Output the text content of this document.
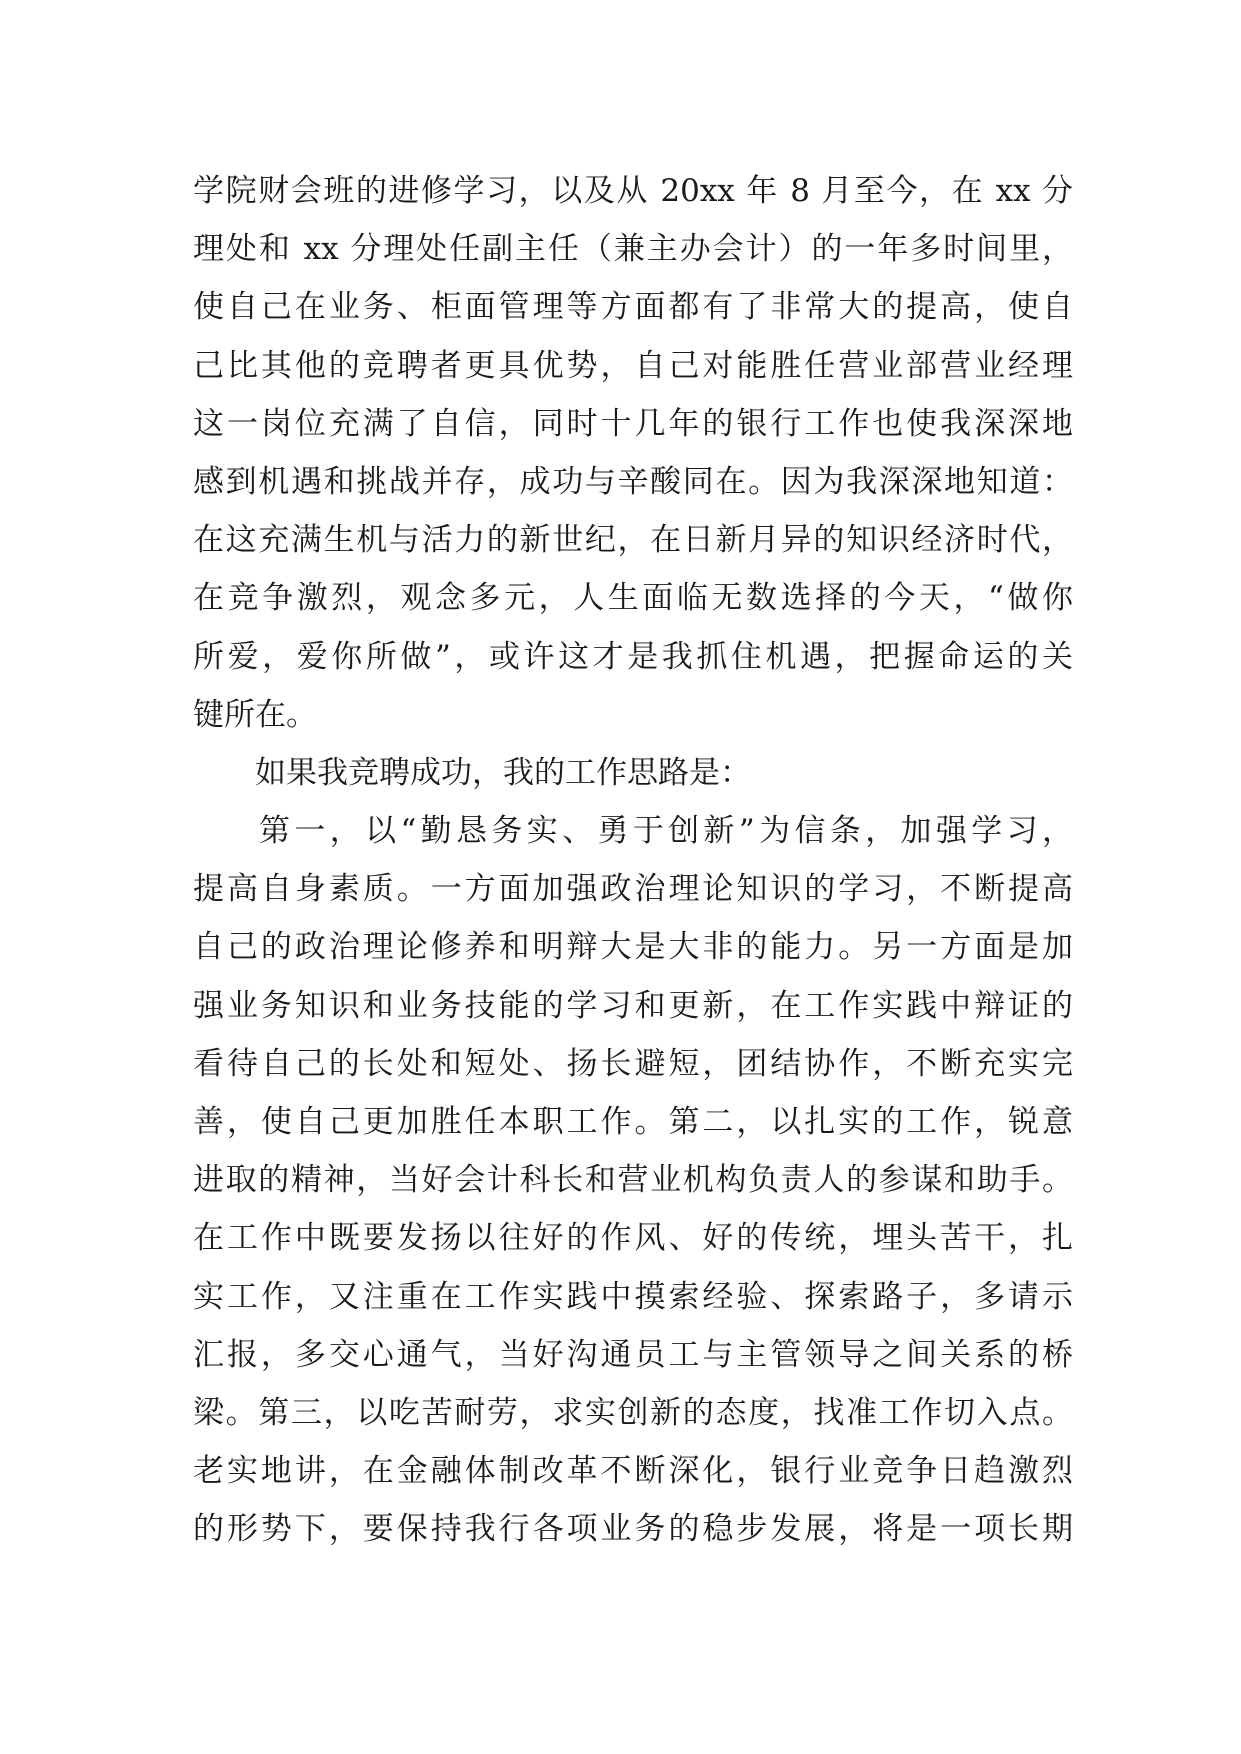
学院财会班的进修学习，以及从 20xx 年 8 月至今，在 xx 分
理处和 xx 分理处任副主任（兼主办会计）的一年多时间里，
使自己在业务、柜面管理等方面都有了非常大的提高，使自
己比其他的竞聘者更具优势，自己对能胜任营业部营业经理
这一岗位充满了自信，同时十几年的银行工作也使我深深地
感到机遇和挑战并存，成功与辛酸同在。因为我深深地知道：
在这充满生机与活力的新世纪，在日新月异的知识经济时代，
在竞争激烈，观念多元，人生面临无数选择的今天，“做你
所爱，爱你所做”，或许这才是我抓住机遇，把握命运的关
键所在。
如果我竞聘成功，我的工作思路是：
第一，以“勤恳务实、勇于创新”为信条，加强学习，
提高自身素质。一方面加强政治理论知识的学习，不断提高
自己的政治理论修养和明辩大是大非的能力。另一方面是加
强业务知识和业务技能的学习和更新，在工作实践中辩证的
看待自己的长处和短处、扬长避短，团结协作，不断充实完
善，使自己更加胜任本职工作。第二，以扎实的工作，锐意
进取的精神，当好会计科长和营业机构负责人的参谋和助手。
在工作中既要发扬以往好的作风、好的传统，埋头苦干，扎
实工作，又注重在工作实践中摸索经验、探索路子，多请示
汇报，多交心通气，当好沟通员工与主管领导之间关系的桥
梁。第三，以吃苦耐劳，求实创新的态度，找准工作切入点。
老实地讲，在金融体制改革不断深化，银行业竞争日趋激烈
的形势下，要保持我行各项业务的稳步发展，将是一项长期
